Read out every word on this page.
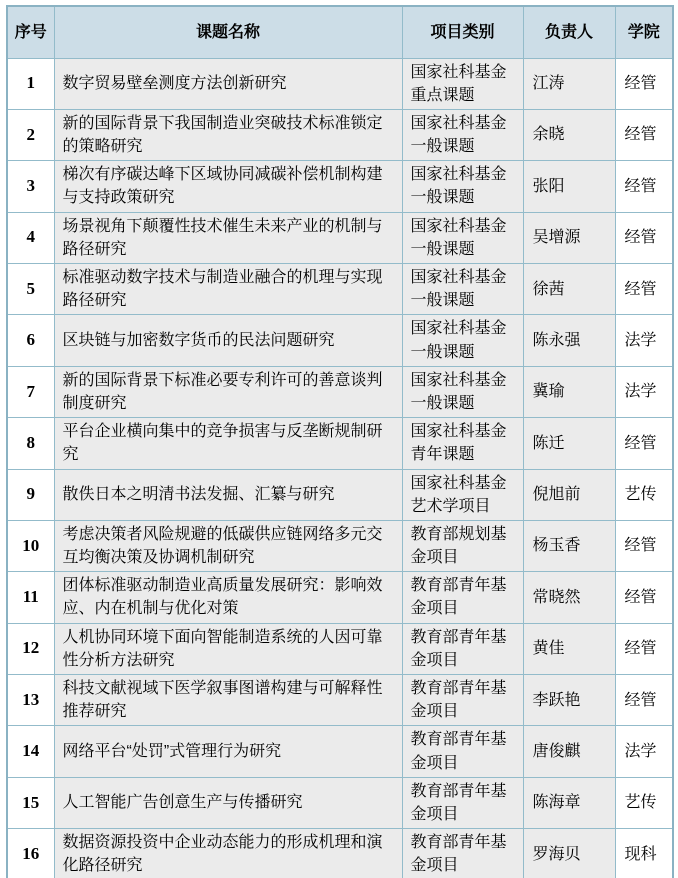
序号	课题名称	项目类别	负责人	学院
1	数字贸易壁垒测度方法创新研究	国家社科基金重点课题	江涛	经管
2	新的国际背景下我国制造业突破技术标准锁定的策略研究	国家社科基金一般课题	余晓	经管
3	梯次有序碳达峰下区域协同减碳补偿机制构建与支持政策研究	国家社科基金一般课题	张阳	经管
4	场景视角下颠覆性技术催生未来产业的机制与路径研究	国家社科基金一般课题	吴增源	经管
5	标准驱动数字技术与制造业融合的机理与实现路径研究	国家社科基金一般课题	徐茜	经管
6	区块链与加密数字货币的民法问题研究	国家社科基金一般课题	陈永强	法学
7	新的国际背景下标准必要专利许可的善意谈判制度研究	国家社科基金一般课题	冀瑜	法学
8	平台企业横向集中的竞争损害与反垄断规制研究	国家社科基金青年课题	陈迁	经管
9	散佚日本之明清书法发掘、汇纂与研究	国家社科基金艺术学项目	倪旭前	艺传
10	考虑决策者风险规避的低碳供应链网络多元交互均衡决策及协调机制研究	教育部规划基金项目	杨玉香	经管
11	团体标准驱动制造业高质量发展研究：影响效应、内在机制与优化对策	教育部青年基金项目	常晓然	经管
12	人机协同环境下面向智能制造系统的人因可靠性分析方法研究	教育部青年基金项目	黄佳	经管
13	科技文献视域下医学叙事图谱构建与可解释性推荐研究	教育部青年基金项目	李跃艳	经管
14	网络平台“处罚”式管理行为研究	教育部青年基金项目	唐俊麒	法学
15	人工智能广告创意生产与传播研究	教育部青年基金项目	陈海章	艺传
16	数据资源投资中企业动态能力的形成机理和演化路径研究	教育部青年基金项目	罗海贝	现科
